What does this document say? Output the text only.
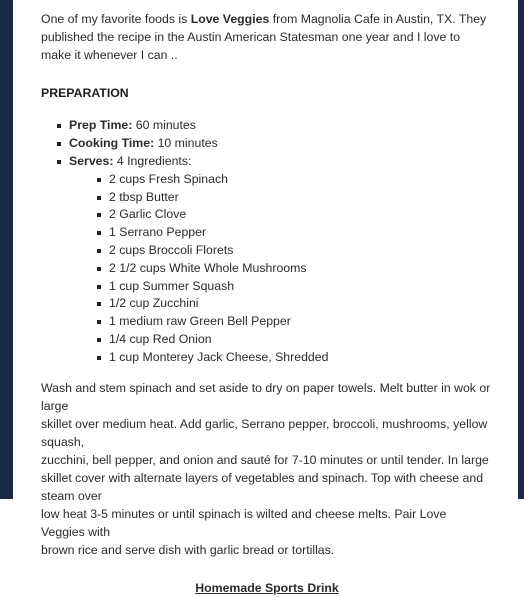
One of my favorite foods is Love Veggies from Magnolia Cafe in Austin, TX. They published the recipe in the Austin American Statesman one year and I love to make it whenever I can ..

PREPARATION
Prep Time: 60 minutes
Cooking Time: 10 minutes
Serves: 4 Ingredients:
2 cups Fresh Spinach
2 tbsp Butter
2 Garlic Clove
1 Serrano Pepper
2 cups Broccoli Florets
2 1/2 cups White Whole Mushrooms
1 cup Summer Squash
1/2 cup Zucchini
1 medium raw Green Bell Pepper
1/4 cup Red Onion
1 cup Monterey Jack Cheese, Shredded

Wash and stem spinach and set aside to dry on paper towels. Melt butter in wok or large
skillet over medium heat. Add garlic, Serrano pepper, broccoli, mushrooms, yellow squash,
zucchini, bell pepper, and onion and sauté for 7-10 minutes or until tender. In large
skillet cover with alternate layers of vegetables and spinach. Top with cheese and steam over
low heat 3-5 minutes or until spinach is wilted and cheese melts. Pair Love Veggies with
brown rice and serve dish with garlic bread or tortillas.

Homemade Sports Drink
